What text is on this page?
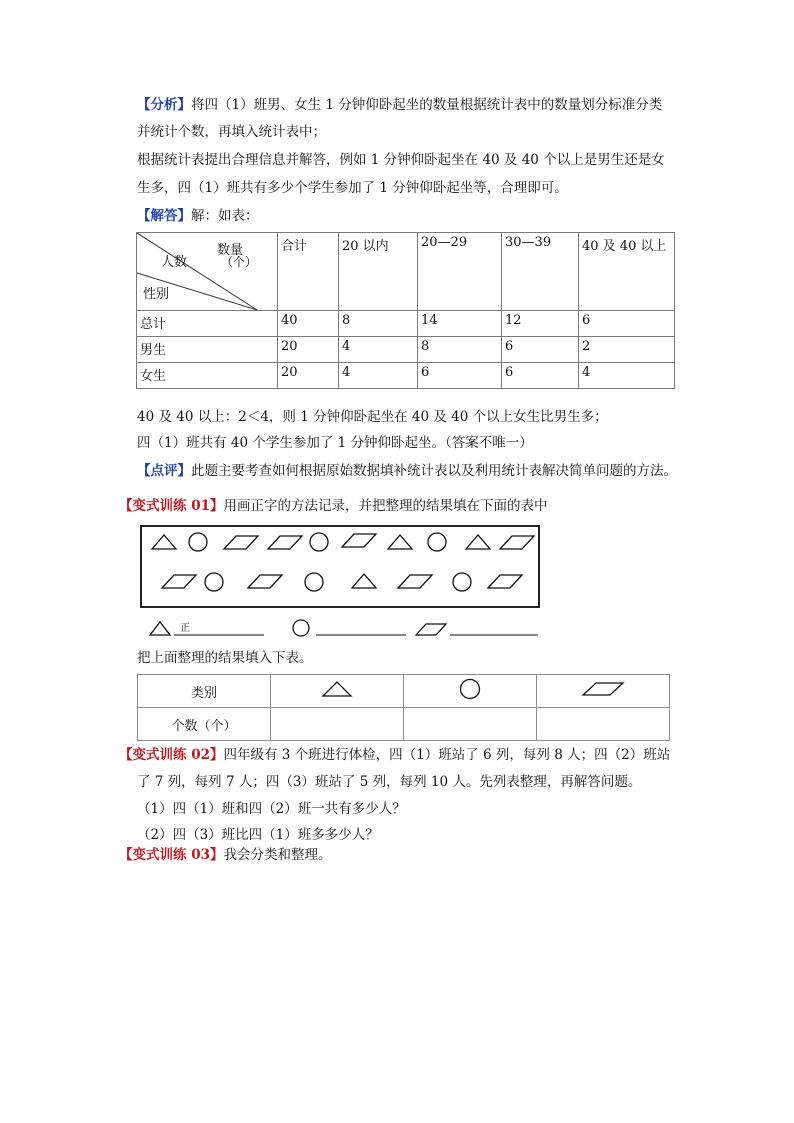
【分析】将四（1）班男、女生 1 分钟仰卧起坐的数量根据统计表中的数量划分标准分类
并统计个数，再填入统计表中；
根据统计表提出合理信息并解答，例如 1 分钟仰卧起坐在 40 及 40 个以上是男生还是女
生多，四（1）班共有多少个学生参加了 1 分钟仰卧起坐等，合理即可。
【解答】解：如表：
数量
（个）
人数
性别	合计	20 以内	20—29	30—39	40 及 40 以上
总计	40	8	14	12	6
男生	20	4	8	6	2
女生	20	4	6	6	4
40 及 40 以上：2＜4，则 1 分钟仰卧起坐在 40 及 40 个以上女生比男生多；
四（1）班共有 40 个学生参加了 1 分钟仰卧起坐。（答案不唯一）
【点评】此题主要考查如何根据原始数据填补统计表以及利用统计表解决简单问题的方法。
【变式训练 01】用画正字的方法记录，并把整理的结果填在下面的表中
正
把上面整理的结果填入下表。
类别			
个数（个）			
【变式训练 02】四年级有 3 个班进行体检，四（1）班站了 6 列，每列 8 人；四（2）班站
了 7 列，每列 7 人；四（3）班站了 5 列，每列 10 人。先列表整理，再解答问题。
（1）四（1）班和四（2）班一共有多少人？
（2）四（3）班比四（1）班多多少人？
【变式训练 03】我会分类和整理。
